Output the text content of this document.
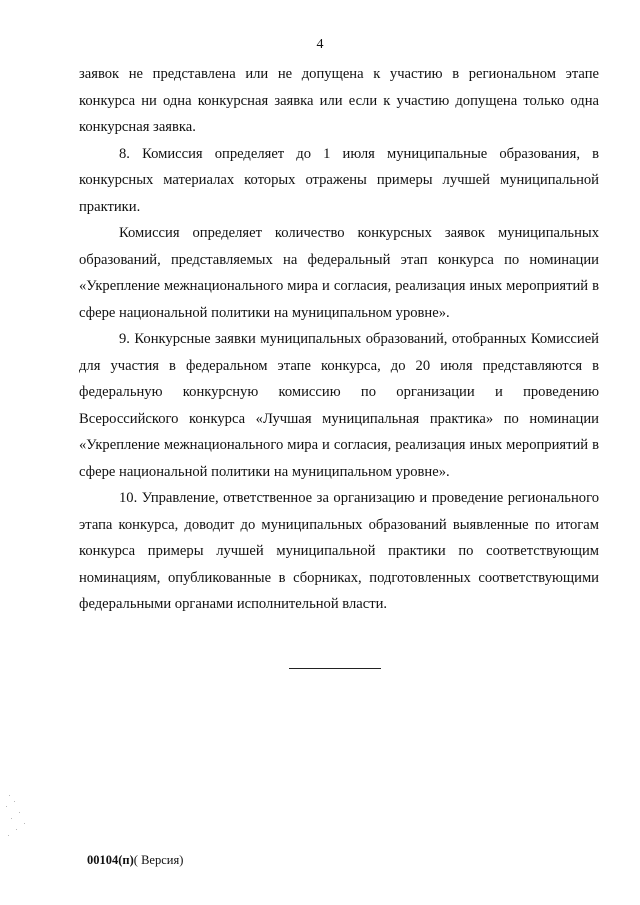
4

заявок не представлена или не допущена к участию в региональном этапе конкурса ни одна конкурсная заявка или если к участию допущена только одна конкурсная заявка.

8. Комиссия определяет до 1 июля муниципальные образования, в конкурсных материалах которых отражены примеры лучшей муниципальной практики.

Комиссия определяет количество конкурсных заявок муниципальных образований, представляемых на федеральный этап конкурса по номинации «Укрепление межнационального мира и согласия, реализация иных мероприятий в сфере национальной политики на муниципальном уровне».

9. Конкурсные заявки муниципальных образований, отобранных Комиссией для участия в федеральном этапе конкурса, до 20 июля представляются в федеральную конкурсную комиссию по организации и проведению Всероссийского конкурса «Лучшая муниципальная практика» по номинации «Укрепление межнационального мира и согласия, реализация иных мероприятий в сфере национальной политики на муниципальном уровне».

10. Управление, ответственное за организацию и проведение регионального этапа конкурса, доводит до муниципальных образований выявленные по итогам конкурса примеры лучшей муниципальной практики по соответствующим номинациям, опубликованные в сборниках, подготовленных соответствующими федеральными органами исполнительной власти.

00104(п)( Версия)
